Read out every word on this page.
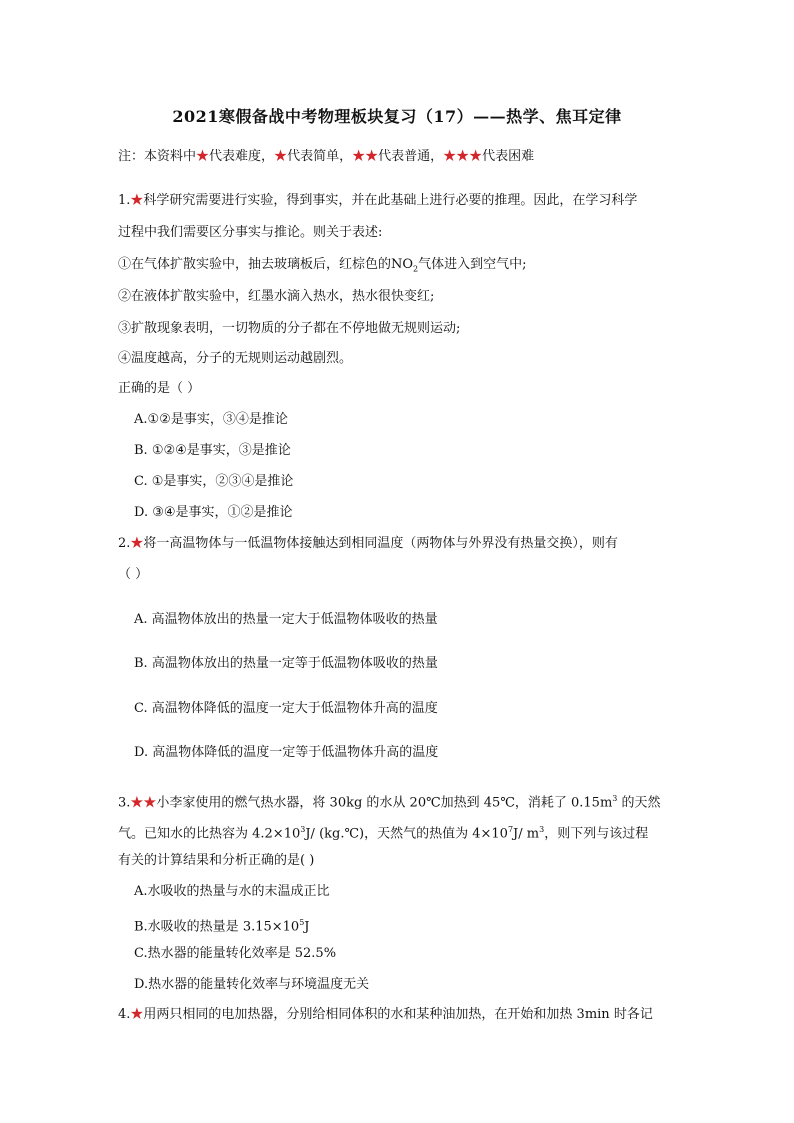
2021寒假备战中考物理板块复习（17）——热学、焦耳定律
注：本资料中★代表难度，★代表简单，★★代表普通，★★★代表困难
1.★科学研究需要进行实验，得到事实，并在此基础上进行必要的推理。因此，在学习科学
过程中我们需要区分事实与推论。则关于表述:
①在气体扩散实验中，抽去玻璃板后，红棕色的$NO_2$气体进入到空气中;
②在液体扩散实验中，红墨水滴入热水，热水很快变红;
③扩散现象表明，一切物质的分子都在不停地做无规则运动;
④温度越高，分子的无规则运动越剧烈。
正确的是（ ）
A.①②是事实，③④是推论
B. ①②④是事实，③是推论
C. ①是事实，②③④是推论
D. ③④是事实，①②是推论
2.★将一高温物体与一低温物体接触达到相同温度（两物体与外界没有热量交换），则有
（ ）
A. 高温物体放出的热量一定大于低温物体吸收的热量
B. 高温物体放出的热量一定等于低温物体吸收的热量
C. 高温物体降低的温度一定大于低温物体升高的温度
D. 高温物体降低的温度一定等于低温物体升高的温度
3.★★小李家使用的燃气热水器，将 30kg 的水从 20℃加热到 45℃，消耗了 $0.15m^3$ 的天然
气。已知水的比热容为 $4.2\times 10^3J/$ (kg.℃)，天然气的热值为 $4\times 10^7J/$ $m^3$，则下列与该过程
有关的计算结果和分析正确的是( )
A.水吸收的热量与水的末温成正比
B.水吸收的热量是 $3.15\times 10^5J$
C.热水器的能量转化效率是 52.5%
D.热水器的能量转化效率与环境温度无关
4.★用两只相同的电加热器，分别给相同体积的水和某种油加热，在开始和加热 3min 时各记
